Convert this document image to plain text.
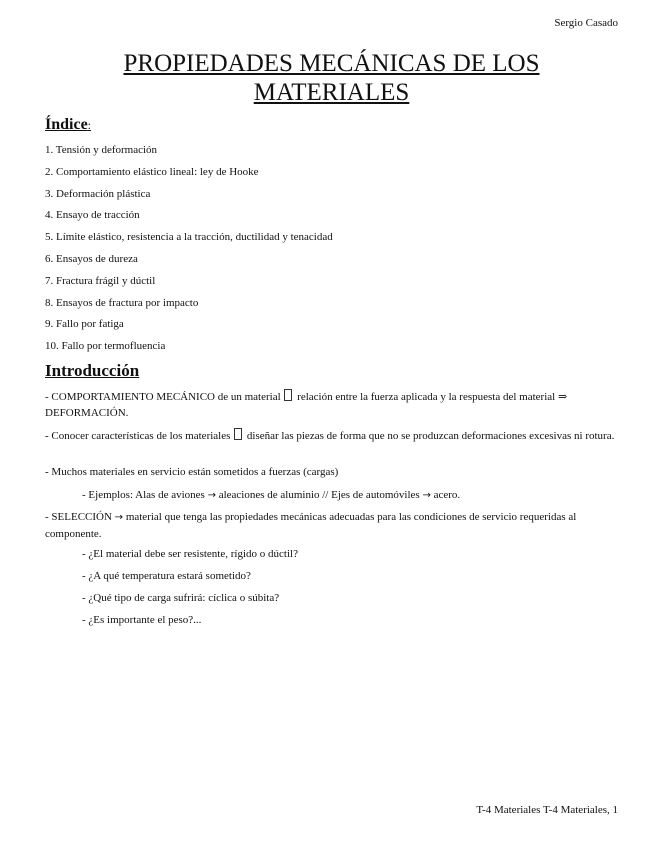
Sergio Casado
PROPIEDADES MECÁNICAS DE LOS
MATERIALES
Índice:
1. Tensión y deformación
2. Comportamiento elástico lineal: ley de Hooke
3. Deformación plástica
4. Ensayo de tracción
5. Límite elástico, resistencia a la tracción, ductilidad y tenacidad
6. Ensayos de dureza
7. Fractura frágil y dúctil
8. Ensayos de fractura por impacto
9. Fallo por fatiga
10. Fallo por termofluencia
Introducción

- COMPORTAMIENTO MECÁNICO de un material relación entre la fuerza aplicada y la respuesta del material ⇒ DEFORMACIÓN.

- Conocer características de los materiales diseñar las piezas de forma que no se produzcan deformaciones excesivas ni rotura.

- Muchos materiales en servicio están sometidos a fuerzas (cargas)

- Ejemplos: Alas de aviones → aleaciones de aluminio // Ejes de automóviles → acero.

- SELECCIÓN → material que tenga las propiedades mecánicas adecuadas para las condiciones de servicio requeridas al componente.

- ¿El material debe ser resistente, rígido o dúctil?

- ¿A qué temperatura estará sometido?

- ¿Qué tipo de carga sufrirá: cíclica o súbita?

- ¿Es importante el peso?...

T-4 Materiales T-4 Materiales, 1
